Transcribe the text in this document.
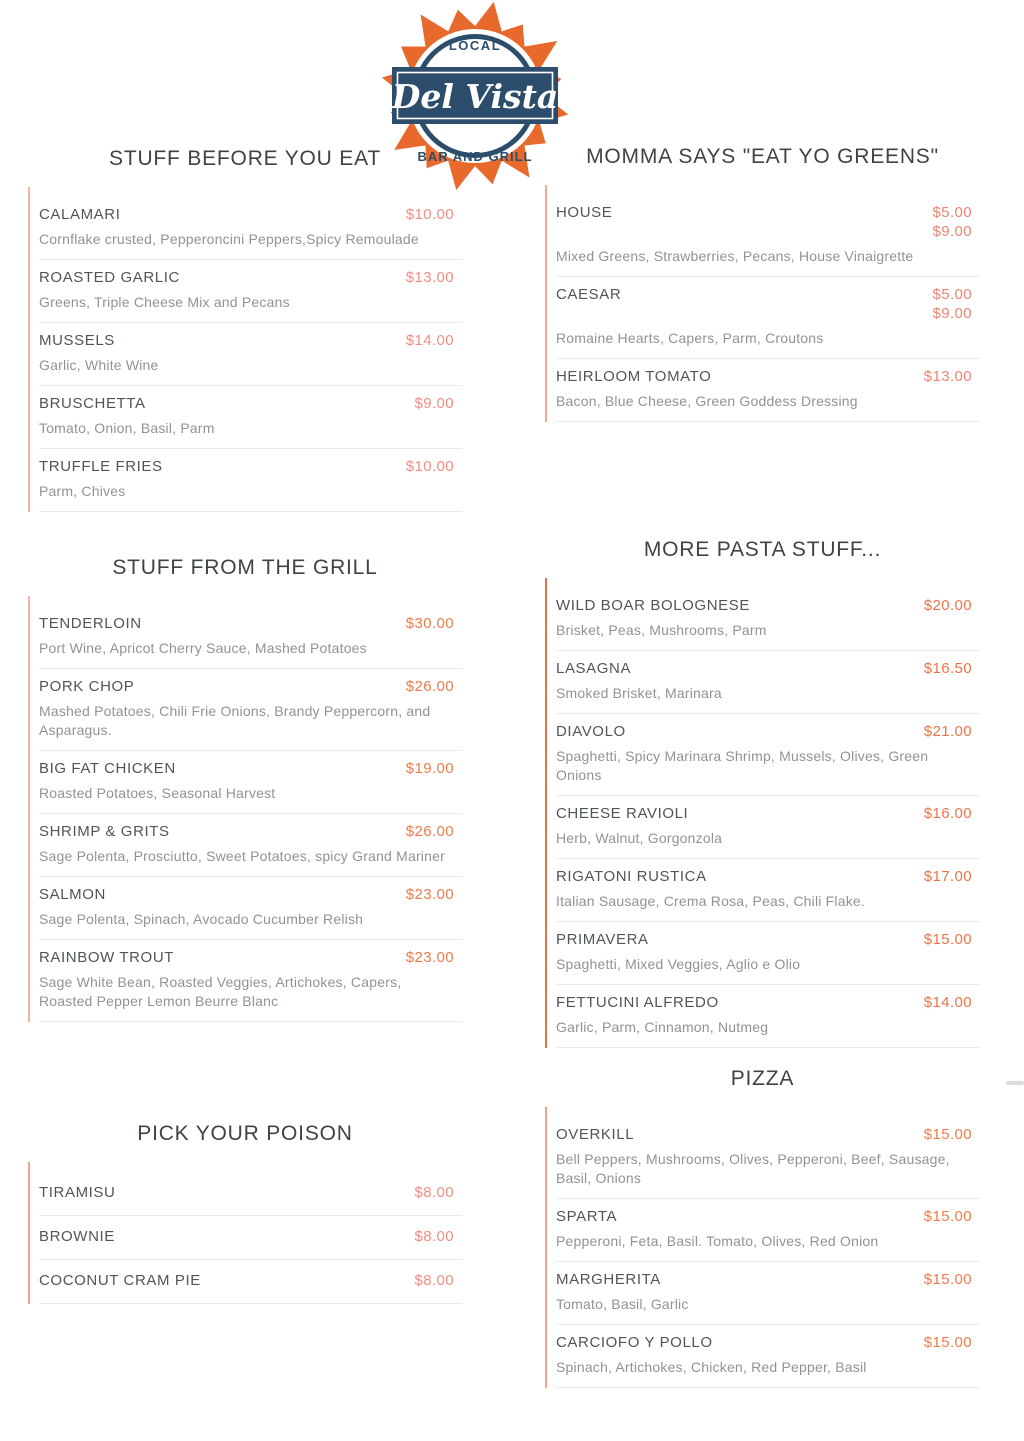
LOCAL
BAR AND GRILL
Del Vista
STUFF BEFORE YOU EAT
CALAMARI	$10.00
Cornflake crusted, Pepperoncini Peppers,Spicy Remoulade
ROASTED GARLIC	$13.00
Greens, Triple Cheese Mix and Pecans
MUSSELS	$14.00
Garlic, White Wine
BRUSCHETTA	$9.00
Tomato, Onion, Basil, Parm
TRUFFLE FRIES	$10.00
Parm, Chives
MOMMA SAYS "EAT YO GREENS"
HOUSE	$5.00
$9.00
Mixed Greens, Strawberries, Pecans, House Vinaigrette
CAESAR	$5.00
$9.00
Romaine Hearts, Capers, Parm, Croutons
HEIRLOOM TOMATO	$13.00
Bacon, Blue Cheese, Green Goddess Dressing
STUFF FROM THE GRILL
TENDERLOIN	$30.00
Port Wine, Apricot Cherry Sauce, Mashed Potatoes
PORK CHOP	$26.00
Mashed Potatoes, Chili Frie Onions, Brandy Peppercorn, and Asparagus.
BIG FAT CHICKEN	$19.00
Roasted Potatoes, Seasonal Harvest
SHRIMP & GRITS	$26.00
Sage Polenta, Prosciutto, Sweet Potatoes, spicy Grand Mariner
SALMON	$23.00
Sage Polenta, Spinach, Avocado Cucumber Relish
RAINBOW TROUT	$23.00
Sage White Bean, Roasted Veggies, Artichokes, Capers, Roasted Pepper Lemon Beurre Blanc
MORE PASTA STUFF...
WILD BOAR BOLOGNESE	$20.00
Brisket, Peas, Mushrooms, Parm
LASAGNA	$16.50
Smoked Brisket, Marinara
DIAVOLO	$21.00
Spaghetti, Spicy Marinara Shrimp, Mussels, Olives, Green Onions
CHEESE RAVIOLI	$16.00
Herb, Walnut, Gorgonzola
RIGATONI RUSTICA	$17.00
Italian Sausage, Crema Rosa, Peas, Chili Flake.
PRIMAVERA	$15.00
Spaghetti, Mixed Veggies, Aglio e Olio
FETTUCINI ALFREDO	$14.00
Garlic, Parm, Cinnamon, Nutmeg
PICK YOUR POISON
TIRAMISU	$8.00
BROWNIE	$8.00
COCONUT CRAM PIE	$8.00
PIZZA
OVERKILL	$15.00
Bell Peppers, Mushrooms, Olives, Pepperoni, Beef, Sausage, Basil, Onions
SPARTA	$15.00
Pepperoni, Feta, Basil. Tomato, Olives, Red Onion
MARGHERITA	$15.00
Tomato, Basil, Garlic
CARCIOFO Y POLLO	$15.00
Spinach, Artichokes, Chicken, Red Pepper, Basil
